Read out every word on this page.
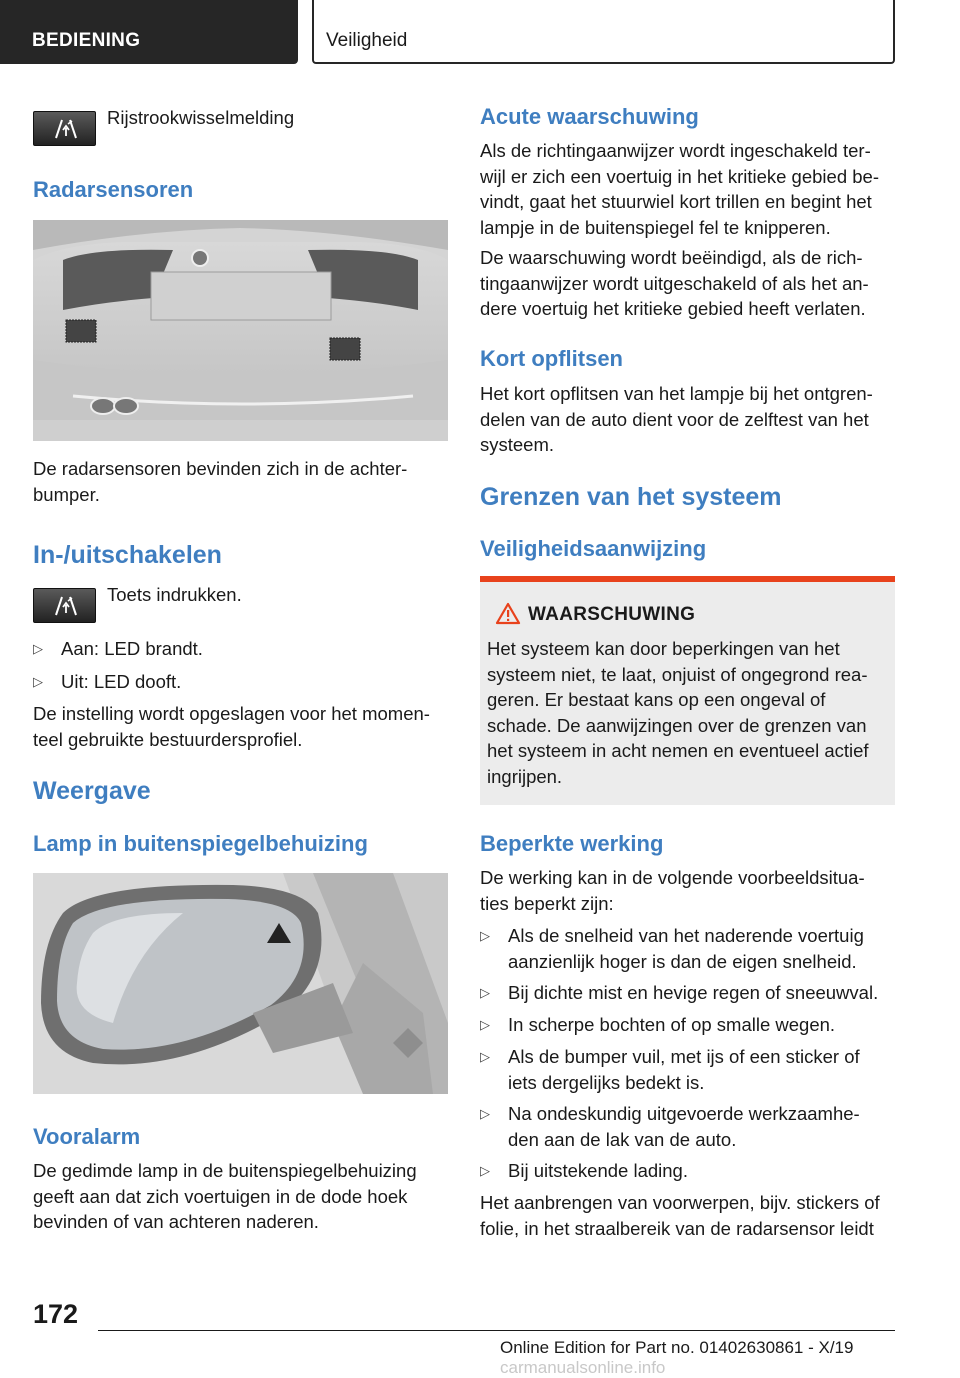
BEDIENING	Veiligheid
Rijstrookwisselmelding
Radarsensoren
De radarsensoren bevinden zich in de achter-
bumper.
In-/uitschakelen
Toets indrukken.
▷ Aan: LED brandt.
▷ Uit: LED dooft.
De instelling wordt opgeslagen voor het momen-
teel gebruikte bestuurdersprofiel.
Weergave
Lamp in buitenspiegelbehuizing
Vooralarm
De gedimde lamp in de buitenspiegelbehuizing
geeft aan dat zich voertuigen in de dode hoek
bevinden of van achteren naderen.
Acute waarschuwing
Als de richtingaanwijzer wordt ingeschakeld ter-
wijl er zich een voertuig in het kritieke gebied be-
vindt, gaat het stuurwiel kort trillen en begint het
lampje in de buitenspiegel fel te knipperen.
De waarschuwing wordt beëindigd, als de rich-
tingaanwijzer wordt uitgeschakeld of als het an-
dere voertuig het kritieke gebied heeft verlaten.
Kort opflitsen
Het kort opflitsen van het lampje bij het ontgren-
delen van de auto dient voor de zelftest van het
systeem.
Grenzen van het systeem
Veiligheidsaanwijzing
WAARSCHUWING
Het systeem kan door beperkingen van het
systeem niet, te laat, onjuist of ongegrond rea-
geren. Er bestaat kans op een ongeval of
schade. De aanwijzingen over de grenzen van
het systeem in acht nemen en eventueel actief
ingrijpen.
Beperkte werking
De werking kan in de volgende voorbeeldsitua-
ties beperkt zijn:
▷ Als de snelheid van het naderende voertuig
aanzienlijk hoger is dan de eigen snelheid.
▷ Bij dichte mist en hevige regen of sneeuwval.
▷ In scherpe bochten of op smalle wegen.
▷ Als de bumper vuil, met ijs of een sticker of
iets dergelijks bedekt is.
▷ Na ondeskundig uitgevoerde werkzaamhe-
den aan de lak van de auto.
▷ Bij uitstekende lading.
Het aanbrengen van voorwerpen, bijv. stickers of
folie, in het straalbereik van de radarsensor leidt
172
Online Edition for Part no. 01402630861 - X/19 carmanualsonline.info
